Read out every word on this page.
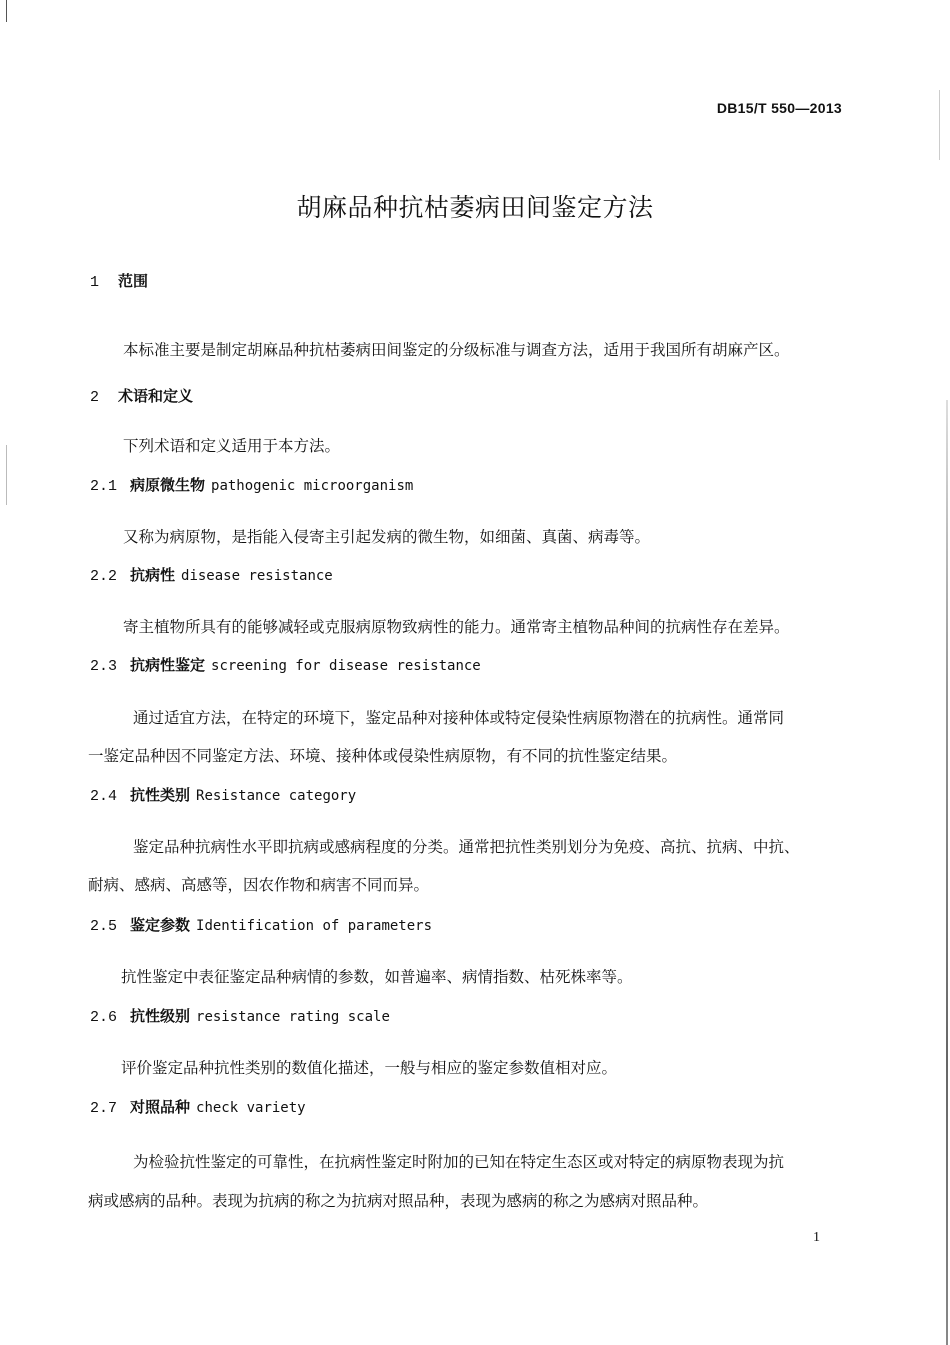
DB15/T 550—2013
胡麻品种抗枯萎病田间鉴定方法
1 范围
本标准主要是制定胡麻品种抗枯萎病田间鉴定的分级标准与调查方法，适用于我国所有胡麻产区。
2 术语和定义
下列术语和定义适用于本方法。
2.1 病原微生物 pathogenic microorganism
又称为病原物，是指能入侵寄主引起发病的微生物，如细菌、真菌、病毒等。
2.2 抗病性 disease resistance
寄主植物所具有的能够减轻或克服病原物致病性的能力。通常寄主植物品种间的抗病性存在差异。
2.3 抗病性鉴定 screening for disease resistance
通过适宜方法，在特定的环境下，鉴定品种对接种体或特定侵染性病原物潜在的抗病性。通常同
一鉴定品种因不同鉴定方法、环境、接种体或侵染性病原物，有不同的抗性鉴定结果。
2.4 抗性类别 Resistance category
鉴定品种抗病性水平即抗病或感病程度的分类。通常把抗性类别划分为免疫、高抗、抗病、中抗、
耐病、感病、高感等，因农作物和病害不同而异。
2.5 鉴定参数 Identification of parameters
抗性鉴定中表征鉴定品种病情的参数，如普遍率、病情指数、枯死株率等。
2.6 抗性级别 resistance rating scale
评价鉴定品种抗性类别的数值化描述，一般与相应的鉴定参数值相对应。
2.7 对照品种 check variety
为检验抗性鉴定的可靠性，在抗病性鉴定时附加的已知在特定生态区或对特定的病原物表现为抗
病或感病的品种。表现为抗病的称之为抗病对照品种，表现为感病的称之为感病对照品种。
1
